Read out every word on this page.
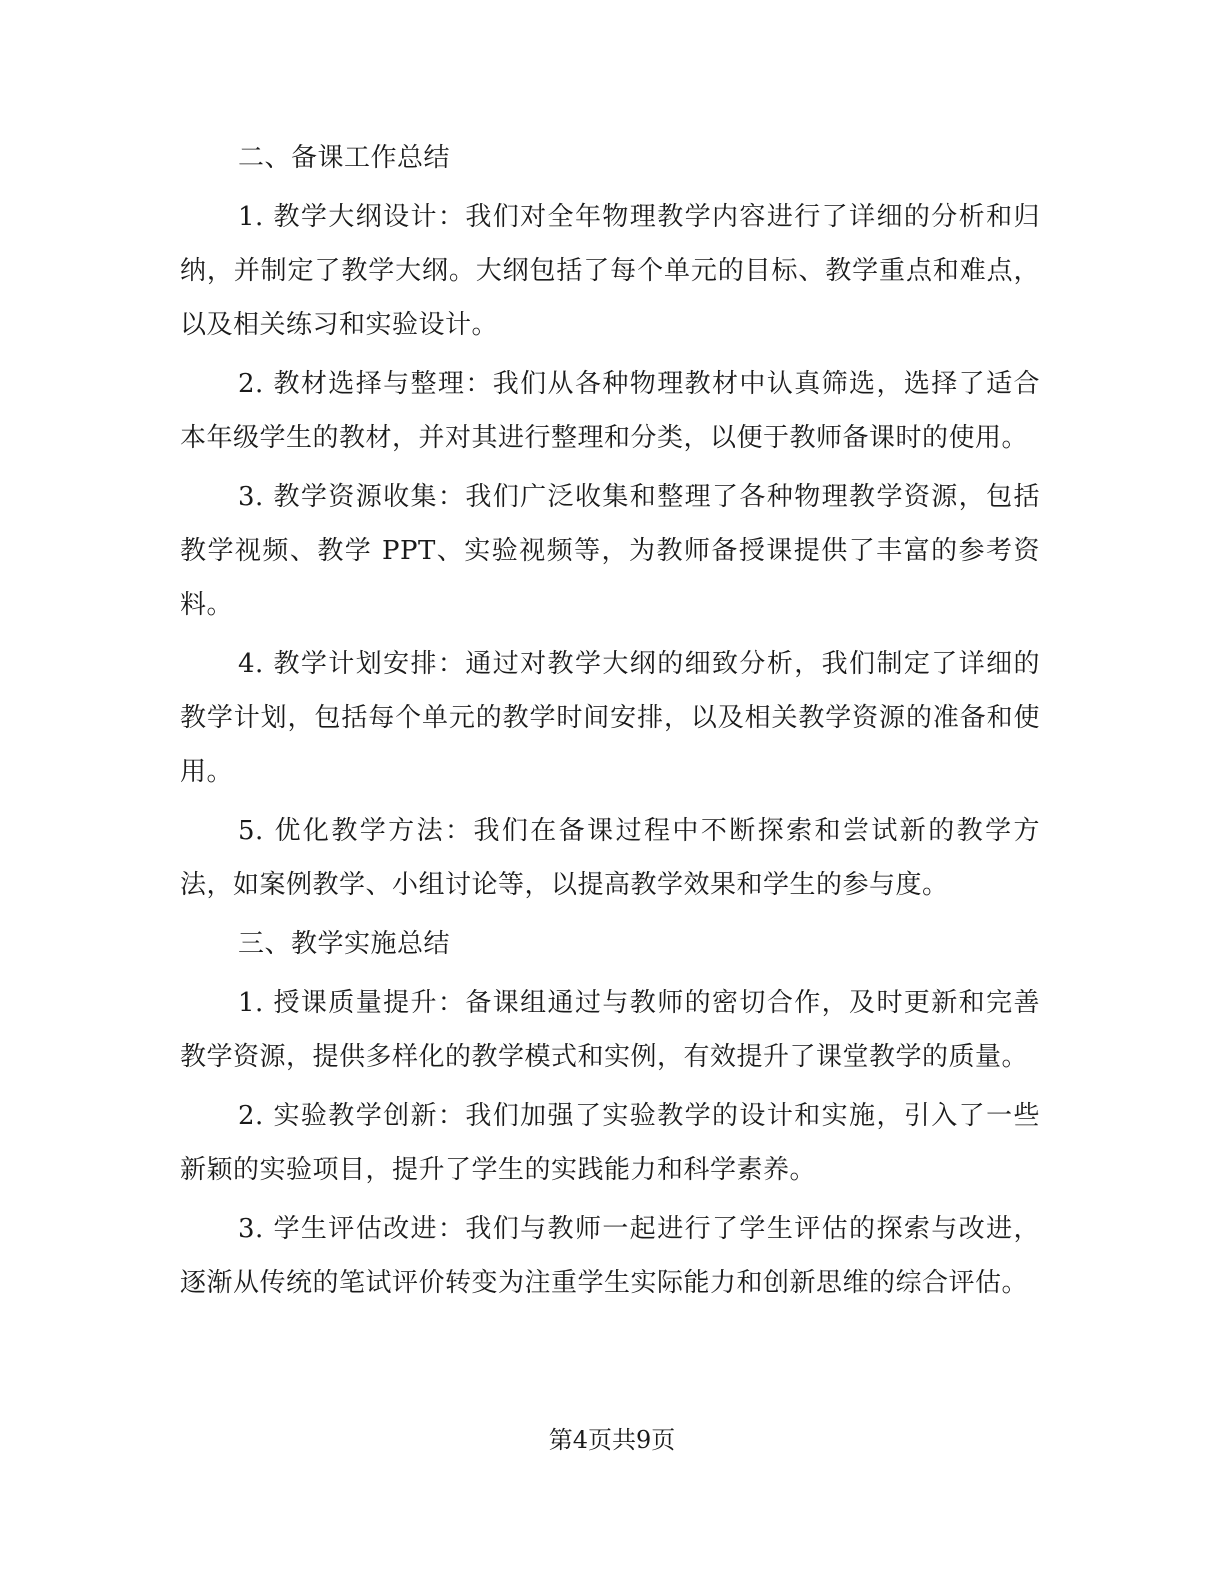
二、备课工作总结

1. 教学大纲设计：我们对全年物理教学内容进行了详细的分析和归纳，并制定了教学大纲。大纲包括了每个单元的目标、教学重点和难点，以及相关练习和实验设计。

2. 教材选择与整理：我们从各种物理教材中认真筛选，选择了适合本年级学生的教材，并对其进行整理和分类，以便于教师备课时的使用。

3. 教学资源收集：我们广泛收集和整理了各种物理教学资源，包括教学视频、教学 PPT、实验视频等，为教师备授课提供了丰富的参考资料。

4. 教学计划安排：通过对教学大纲的细致分析，我们制定了详细的教学计划，包括每个单元的教学时间安排，以及相关教学资源的准备和使用。

5. 优化教学方法：我们在备课过程中不断探索和尝试新的教学方法，如案例教学、小组讨论等，以提高教学效果和学生的参与度。

三、教学实施总结

1. 授课质量提升：备课组通过与教师的密切合作，及时更新和完善教学资源，提供多样化的教学模式和实例，有效提升了课堂教学的质量。

2. 实验教学创新：我们加强了实验教学的设计和实施，引入了一些新颖的实验项目，提升了学生的实践能力和科学素养。

3. 学生评估改进：我们与教师一起进行了学生评估的探索与改进，逐渐从传统的笔试评价转变为注重学生实际能力和创新思维的综合评估。

第4页共9页
